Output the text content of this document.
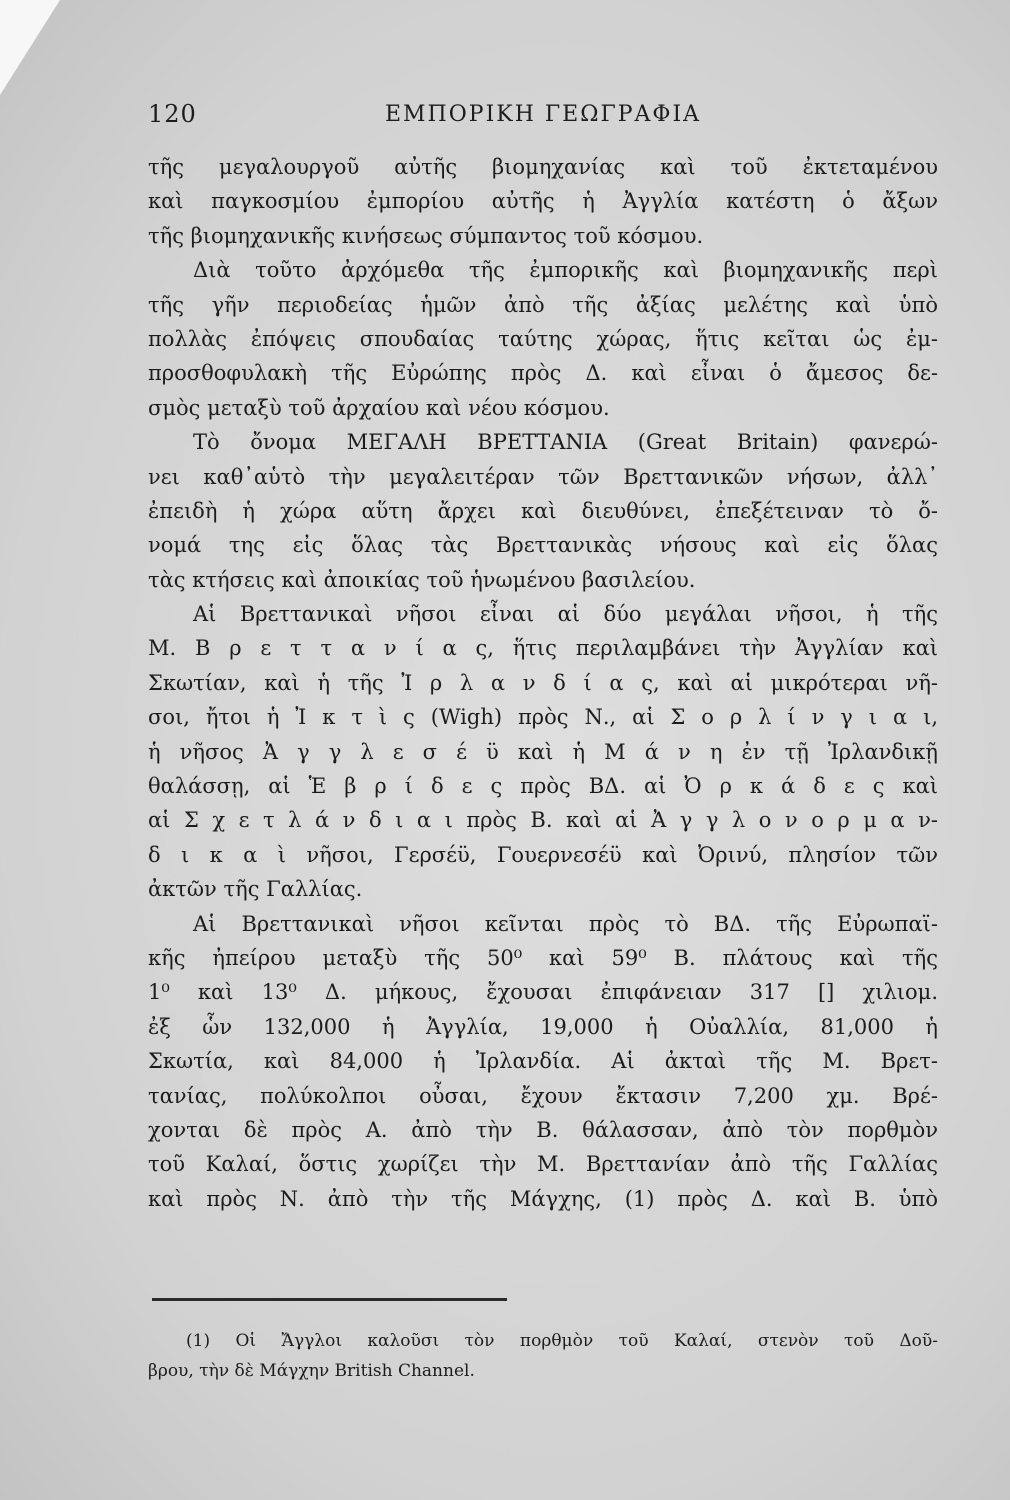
120	ΕΜΠΟΡΙΚΗ ΓΕΩΓΡΑΦΙΑ
τῆς μεγαλουργοῦ αὐτῆς βιομηχανίας καὶ τοῦ ἐκτεταμένου
καὶ παγκοσμίου ἐμπορίου αὐτῆς ἡ Ἀγγλία κατέστη ὁ ἄξων
τῆς βιομηχανικῆς κινήσεως σύμπαντος τοῦ κόσμου.
Διὰ τοῦτο ἀρχόμεθα τῆς ἐμπορικῆς καὶ βιομηχανικῆς περὶ
τῆς γῆν περιοδείας ἡμῶν ἀπὸ τῆς ἀξίας μελέτης καὶ ὑπὸ
πολλὰς ἐπόψεις σπουδαίας ταύτης χώρας, ἥτις κεῖται ὡς ἐμ-
προσθοφυλακὴ τῆς Εὐρώπης πρὸς Δ. καὶ εἶναι ὁ ἄμεσος δε-
σμὸς μεταξὺ τοῦ ἀρχαίου καὶ νέου κόσμου.
Τὸ ὄνομα ΜΕΓΑΛΗ ΒΡΕΤΤΑΝΙΑ (Great Britain) φανερώ-
νει καθ᾽αὑτὸ τὴν μεγαλειτέραν τῶν Βρεττανικῶν νήσων, ἀλλ᾽
ἐπειδὴ ἡ χώρα αὕτη ἄρχει καὶ διευθύνει, ἐπεξέτειναν τὸ ὄ-
νομά της εἰς ὅλας τὰς Βρεττανικὰς νήσους καὶ εἰς ὅλας
τὰς κτήσεις καὶ ἀποικίας τοῦ ἡνωμένου βασιλείου.
Αἱ Βρεττανικαὶ νῆσοι εἶναι αἱ δύο μεγάλαι νῆσοι, ἡ τῆς
Μ. Β ρ ε τ τ α ν ί α ς, ἥτις περιλαμβάνει τὴν Ἀγγλίαν καὶ
Σκωτίαν, καὶ ἡ τῆς Ἰ ρ λ α ν δ ί α ς, καὶ αἱ μικρότεραι νῆ-
σοι, ἤτοι ἡ Ἰ κ τ ὶ ς (Wigh) πρὸς Ν., αἱ Σ ο ρ λ ί ν γ ι α ι,
ἡ νῆσος Ἀ γ γ λ ε σ έ ϋ καὶ ἡ Μ ά ν η ἐν τῇ Ἰρλανδικῇ
θαλάσσῃ, αἱ Ἑ β ρ ί δ ε ς πρὸς ΒΔ. αἱ Ὀ ρ κ ά δ ε ς καὶ
αἱ Σ χ ε τ λ ά ν δ ι α ι πρὸς Β. καὶ αἱ Ἀ γ γ λ ο ν ο ρ μ α ν-
δ ι κ α ὶ νῆσοι, Γερσέϋ, Γουερνεσέϋ καὶ Ὀρινύ, πλησίον τῶν
ἀκτῶν τῆς Γαλλίας.
Αἱ Βρεττανικαὶ νῆσοι κεῖνται πρὸς τὸ ΒΔ. τῆς Εὐρωπαϊ-
κῆς ἠπείρου μεταξὺ τῆς 50⁰ καὶ 59⁰ Β. πλάτους καὶ τῆς
1⁰ καὶ 13⁰ Δ. μήκους, ἔχουσαι ἐπιφάνειαν 317 [] χιλιομ.
ἐξ ὧν 132,000 ἡ Ἀγγλία, 19,000 ἡ Οὐαλλία, 81,000 ἡ
Σκωτία, καὶ 84,000 ἡ Ἰρλανδία. Αἱ ἀκταὶ τῆς Μ. Βρετ-
τανίας, πολύκολποι οὖσαι, ἔχουν ἔκτασιν 7,200 χμ. Βρέ-
χονται δὲ πρὸς Α. ἀπὸ τὴν Β. θάλασσαν, ἀπὸ τὸν πορθμὸν
τοῦ Καλαί, ὅστις χωρίζει τὴν Μ. Βρεττανίαν ἀπὸ τῆς Γαλλίας
καὶ πρὸς Ν. ἀπὸ τὴν τῆς Μάγχης, (1) πρὸς Δ. καὶ Β. ὑπὸ
(1) Οἱ Ἄγγλοι καλοῦσι τὸν πορθμὸν τοῦ Καλαί, στενὸν τοῦ Δοῦ-
βρου, τὴν δὲ Μάγχην British Channel.
